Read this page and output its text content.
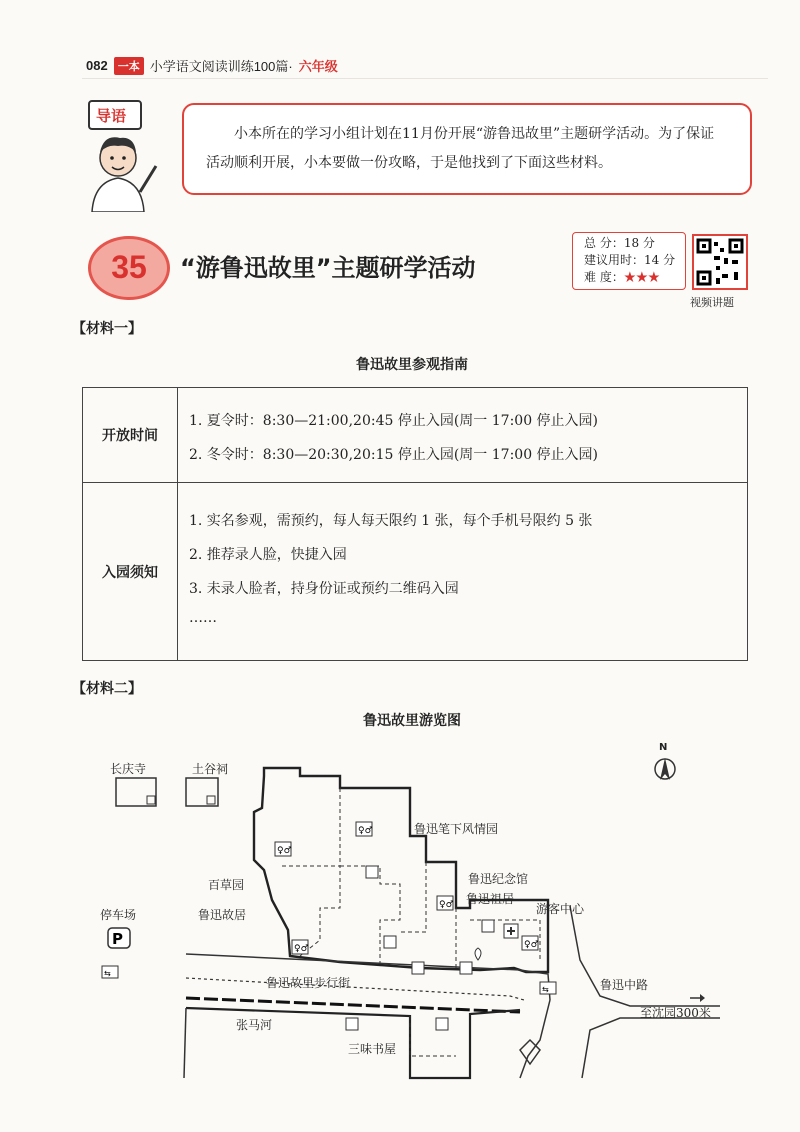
082 一本 小学语文阅读训练100篇· 六年级
导语
小本所在的学习小组计划在11月份开展“游鲁迅故里”主题研学活动。为了保证活动顺利开展，小本要做一份攻略，于是他找到了下面这些材料。
35	“游鲁迅故里”主题研学活动
总 分：18 分
建议用时：14 分
难 度：★★★
视频讲题
【材料一】
鲁迅故里参观指南
开放时间
1. 夏令时：8:30—21:00,20:45 停止入园(周一 17:00 停止入园)
2. 冬令时：8:30—20:30,20:15 停止入园(周一 17:00 停止入园)
入园须知
1. 实名参观，需预约，每人每天限约 1 张，每个手机号限约 5 张
2. 推荐录人脸，快捷入园
3. 未录人脸者，持身份证或预约二维码入园
……
【材料二】
鲁迅故里游览图
♀♂
♀♂
♀♂
♀♂	♀♂
⇆
⇆
P
长庆寺	土谷祠
鲁迅笔下风情园
百草园	鲁迅纪念馆
鲁迅祖居
游客中心
停车场	鲁迅故居
鲁迅故里步行街	鲁迅中路
至沈园300米
张马河
三味书屋
N
